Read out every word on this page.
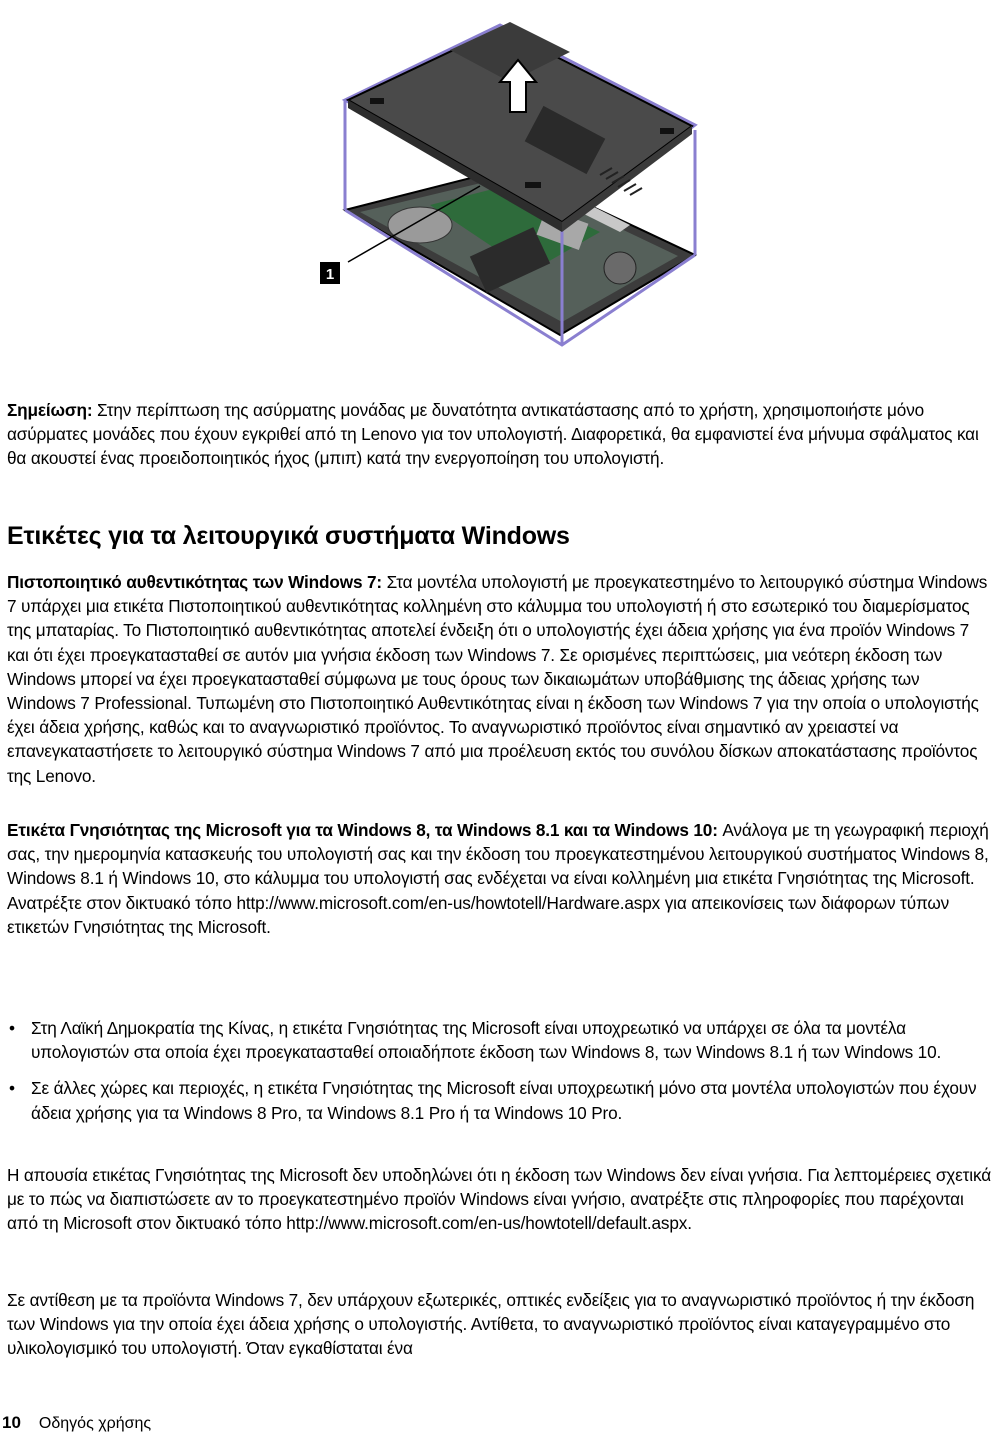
1

Σημείωση: Στην περίπτωση της ασύρματης μονάδας με δυνατότητα αντικατάστασης από το χρήστη, χρησιμοποιήστε μόνο ασύρματες μονάδες που έχουν εγκριθεί από τη Lenovo για τον υπολογιστή. Διαφορετικά, θα εμφανιστεί ένα μήνυμα σφάλματος και θα ακουστεί ένας προειδοποιητικός ήχος (μπιπ) κατά την ενεργοποίηση του υπολογιστή.

Ετικέτες για τα λειτουργικά συστήματα Windows

Πιστοποιητικό αυθεντικότητας των Windows 7: Στα μοντέλα υπολογιστή με προεγκατεστημένο το λειτουργικό σύστημα Windows 7 υπάρχει μια ετικέτα Πιστοποιητικού αυθεντικότητας κολλημένη στο κάλυμμα του υπολογιστή ή στο εσωτερικό του διαμερίσματος της μπαταρίας. Το Πιστοποιητικό αυθεντικότητας αποτελεί ένδειξη ότι ο υπολογιστής έχει άδεια χρήσης για ένα προϊόν Windows 7 και ότι έχει προεγκατασταθεί σε αυτόν μια γνήσια έκδοση των Windows 7. Σε ορισμένες περιπτώσεις, μια νεότερη έκδοση των Windows μπορεί να έχει προεγκατασταθεί σύμφωνα με τους όρους των δικαιωμάτων υποβάθμισης της άδειας χρήσης των Windows 7 Professional. Τυπωμένη στο Πιστοποιητικό Αυθεντικότητας είναι η έκδοση των Windows 7 για την οποία ο υπολογιστής έχει άδεια χρήσης, καθώς και το αναγνωριστικό προϊόντος. Το αναγνωριστικό προϊόντος είναι σημαντικό αν χρειαστεί να επανεγκαταστήσετε το λειτουργικό σύστημα Windows 7 από μια προέλευση εκτός του συνόλου δίσκων αποκατάστασης προϊόντος της Lenovo.

Ετικέτα Γνησιότητας της Microsoft για τα Windows 8, τα Windows 8.1 και τα Windows 10: Ανάλογα με τη γεωγραφική περιοχή σας, την ημερομηνία κατασκευής του υπολογιστή σας και την έκδοση του προεγκατεστημένου λειτουργικού συστήματος Windows 8, Windows 8.1 ή Windows 10, στο κάλυμμα του υπολογιστή σας ενδέχεται να είναι κολλημένη μια ετικέτα Γνησιότητας της Microsoft. Ανατρέξτε στον δικτυακό τόπο http://www.microsoft.com/en-us/howtotell/Hardware.aspx για απεικονίσεις των διάφορων τύπων ετικετών Γνησιότητας της Microsoft.

• Στη Λαϊκή Δημοκρατία της Κίνας, η ετικέτα Γνησιότητας της Microsoft είναι υποχρεωτικό να υπάρχει σε όλα τα μοντέλα υπολογιστών στα οποία έχει προεγκατασταθεί οποιαδήποτε έκδοση των Windows 8, των Windows 8.1 ή των Windows 10.
• Σε άλλες χώρες και περιοχές, η ετικέτα Γνησιότητας της Microsoft είναι υποχρεωτική μόνο στα μοντέλα υπολογιστών που έχουν άδεια χρήσης για τα Windows 8 Pro, τα Windows 8.1 Pro ή τα Windows 10 Pro.

Η απουσία ετικέτας Γνησιότητας της Microsoft δεν υποδηλώνει ότι η έκδοση των Windows δεν είναι γνήσια. Για λεπτομέρειες σχετικά με το πώς να διαπιστώσετε αν το προεγκατεστημένο προϊόν Windows είναι γνήσιο, ανατρέξτε στις πληροφορίες που παρέχονται από τη Microsoft στον δικτυακό τόπο http://www.microsoft.com/en-us/howtotell/default.aspx.

Σε αντίθεση με τα προϊόντα Windows 7, δεν υπάρχουν εξωτερικές, οπτικές ενδείξεις για το αναγνωριστικό προϊόντος ή την έκδοση των Windows για την οποία έχει άδεια χρήσης ο υπολογιστής. Αντίθετα, το αναγνωριστικό προϊόντος είναι καταγεγραμμένο στο υλικολογισμικό του υπολογιστή. Όταν εγκαθίσταται ένα

10 Οδηγός χρήσης
